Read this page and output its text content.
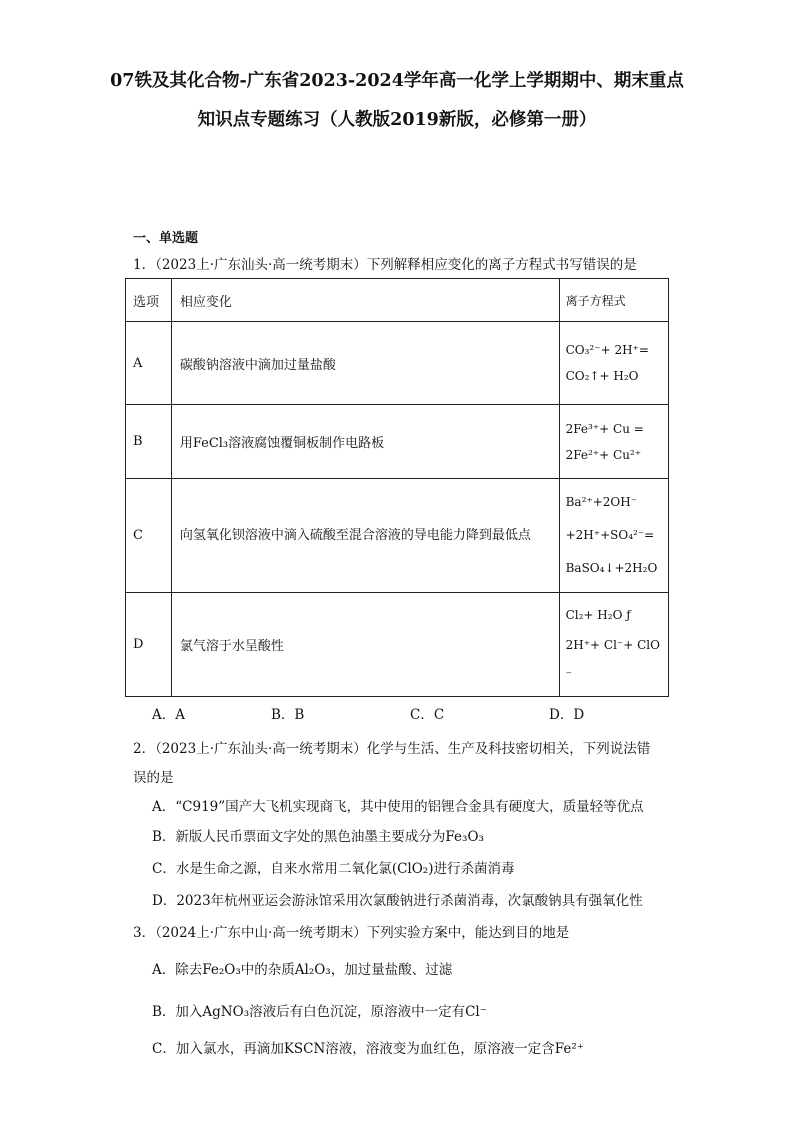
07铁及其化合物-广东省2023-2024学年高一化学上学期期中、期末重点知识点专题练习（人教版2019新版，必修第一册）
一、单选题
1．（2023上·广东汕头·高一统考期末）下列解释相应变化的离子方程式书写错误的是
选项	相应变化	离子方程式
A	碳酸钠溶液中滴加过量盐酸	CO₃²⁻+ 2H⁺=
CO₂↑+ H₂O

B	用FeCl₃溶液腐蚀覆铜板制作电路板	2Fe³⁺+ Cu =
2Fe²⁺+ Cu²⁺

C	向氢氧化钡溶液中滴入硫酸至混合溶液的导电能力降到最低点	Ba²⁺+2OH⁻
+2H⁺+SO₄²⁻=
BaSO₄↓+2H₂O

D	氯气溶于水呈酸性	Cl₂+ H₂O ƒ
2H⁺+ Cl⁻+ ClO
⁻
A．A	B．B	C．C	D．D
2．（2023上·广东汕头·高一统考期末）化学与生活、生产及科技密切相关，下列说法错
误的是
A．“C919”国产大飞机实现商飞，其中使用的铝锂合金具有硬度大，质量轻等优点
B．新版人民币票面文字处的黑色油墨主要成分为Fe₃O₃
C．水是生命之源，自来水常用二氧化氯(ClO₂)进行杀菌消毒
D．2023年杭州亚运会游泳馆采用次氯酸钠进行杀菌消毒，次氯酸钠具有强氧化性
3．（2024上·广东中山·高一统考期末）下列实验方案中，能达到目的地是
A．除去Fe₂O₃中的杂质Al₂O₃，加过量盐酸、过滤
B．加入AgNO₃溶液后有白色沉淀，原溶液中一定有Cl⁻
C．加入氯水，再滴加KSCN溶液，溶液变为血红色，原溶液一定含Fe²⁺
